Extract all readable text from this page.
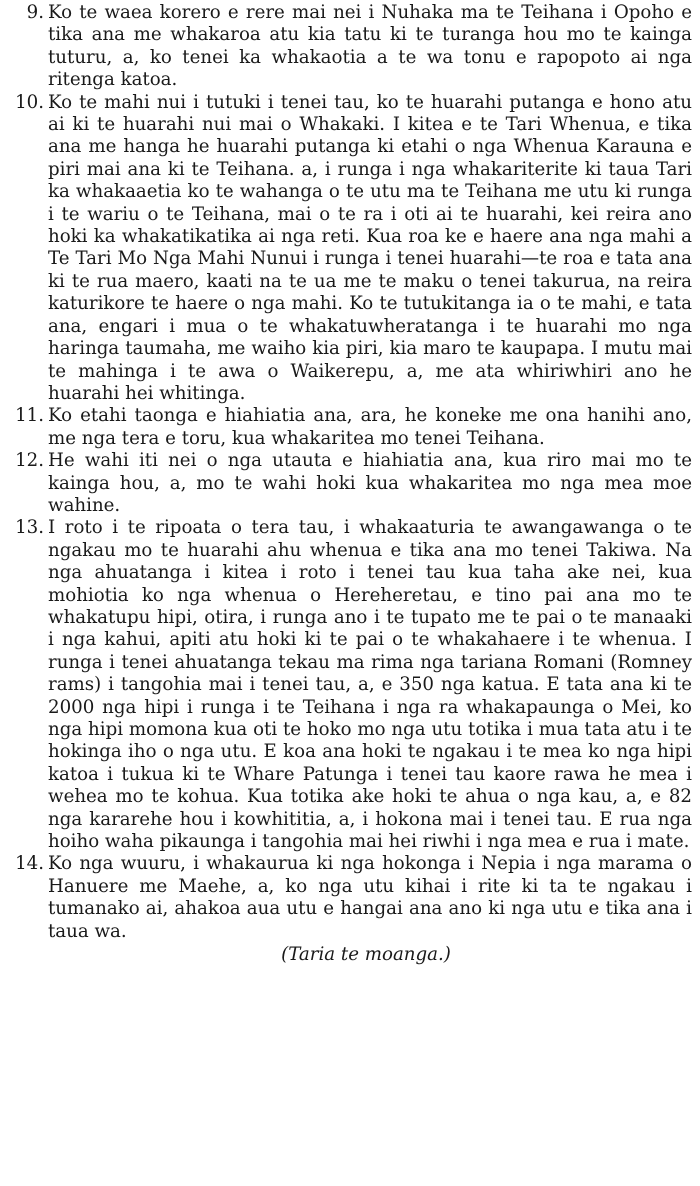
9. Ko te waea korero e rere mai nei i Nuhaka ma te Teihana i Opoho e tika ana me whakaroa atu kia tatu ki te turanga hou mo te kainga tuturu, a, ko tenei ka whakaotia a te wa tonu e rapopoto ai nga ritenga katoa.
10. Ko te mahi nui i tutuki i tenei tau, ko te huarahi putanga e hono atu ai ki te huarahi nui mai o Whakaki. I kitea e te Tari Whenua, e tika ana me hanga he huarahi putanga ki etahi o nga Whenua Karauna e piri mai ana ki te Teihana. a, i runga i nga whakariterite ki taua Tari ka whakaaetia ko te wahanga o te utu ma te Teihana me utu ki runga i te wariu o te Teihana, mai o te ra i oti ai te huarahi, kei reira ano hoki ka whakatikatika ai nga reti. Kua roa ke e haere ana nga mahi a Te Tari Mo Nga Mahi Nunui i runga i tenei huarahi—te roa e tata ana ki te rua maero, kaati na te ua me te maku o tenei takurua, na reira katurikore te haere o nga mahi. Ko te tutukitanga ia o te mahi, e tata ana, engari i mua o te whakatuwheratanga i te huarahi mo nga haringa taumaha, me waiho kia piri, kia maro te kaupapa. I mutu mai te mahinga i te awa o Waikerepu, a, me ata whiriwhiri ano he huarahi hei whitinga.
11. Ko etahi taonga e hiahiatia ana, ara, he koneke me ona hanihi ano, me nga tera e toru, kua whakaritea mo tenei Teihana.
12. He wahi iti nei o nga utauta e hiahiatia ana, kua riro mai mo te kainga hou, a, mo te wahi hoki kua whakaritea mo nga mea moe wahine.
13. I roto i te ripoata o tera tau, i whakaaturia te awangawanga o te ngakau mo te huarahi ahu whenua e tika ana mo tenei Takiwa. Na nga ahuatanga i kitea i roto i tenei tau kua taha ake nei, kua mohiotia ko nga whenua o Hereheretau, e tino pai ana mo te whakatupu hipi, otira, i runga ano i te tupato me te pai o te manaaki i nga kahui, apiti atu hoki ki te pai o te whakahaere i te whenua. I runga i tenei ahuatanga tekau ma rima nga tariana Romani (Romney rams) i tangohia mai i tenei tau, a, e 350 nga katua. E tata ana ki te 2000 nga hipi i runga i te Teihana i nga ra whakapaunga o Mei, ko nga hipi momona kua oti te hoko mo nga utu totika i mua tata atu i te hokinga iho o nga utu. E koa ana hoki te ngakau i te mea ko nga hipi katoa i tukua ki te Whare Patunga i tenei tau kaore rawa he mea i wehea mo te kohua. Kua totika ake hoki te ahua o nga kau, a, e 82 nga kararehe hou i kowhititia, a, i hokona mai i tenei tau. E rua nga hoiho waha pikaunga i tangohia mai hei riwhi i nga mea e rua i mate.
14. Ko nga wuuru, i whakaurua ki nga hokonga i Nepia i nga marama o Hanuere me Maehe, a, ko nga utu kihai i rite ki ta te ngakau i tumanako ai, ahakoa aua utu e hangai ana ano ki nga utu e tika ana i taua wa.
(Taria te moanga.)
